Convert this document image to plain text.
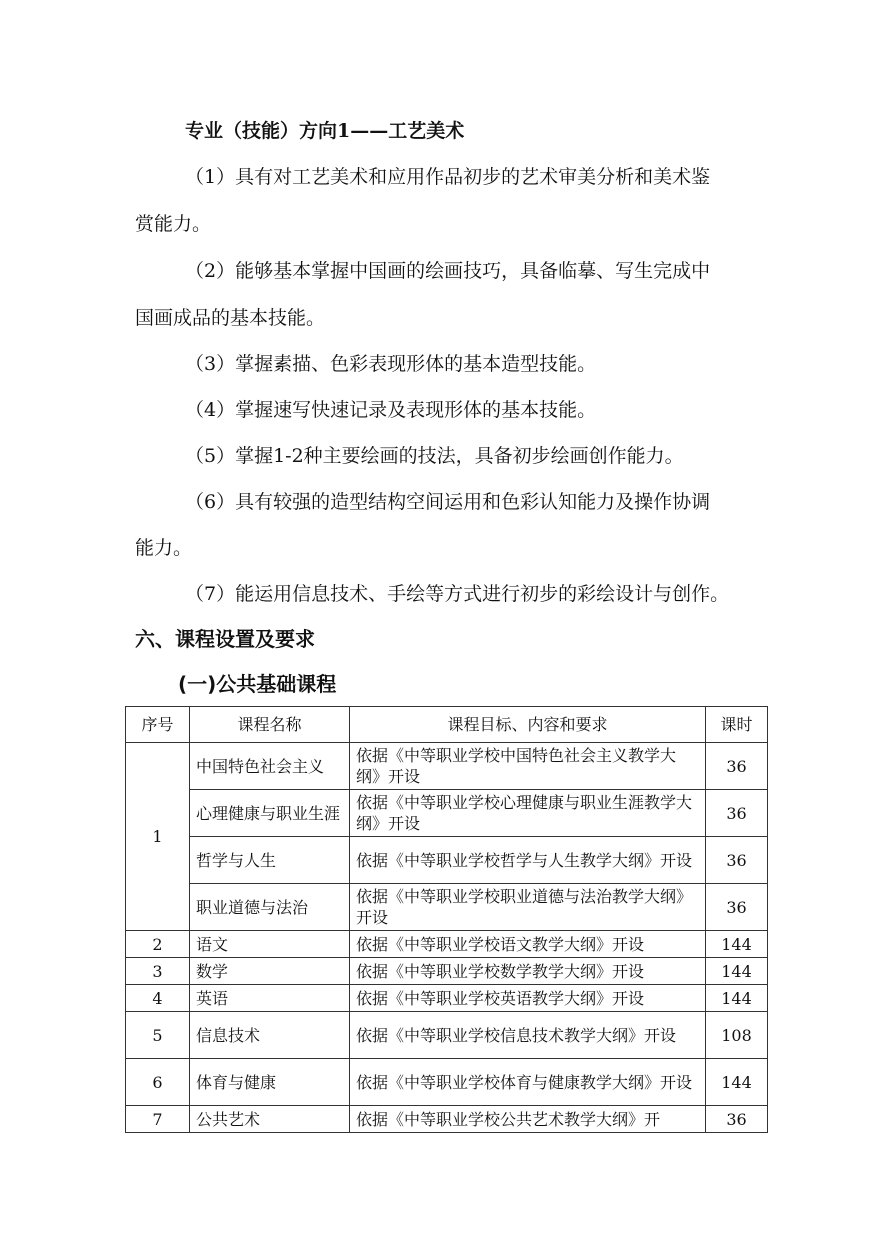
专业（技能）方向1——工艺美术
（1）具有对工艺美术和应用作品初步的艺术审美分析和美术鉴
赏能力。
（2）能够基本掌握中国画的绘画技巧，具备临摹、写生完成中
国画成品的基本技能。
（3）掌握素描、色彩表现形体的基本造型技能。
（4）掌握速写快速记录及表现形体的基本技能。
（5）掌握1-2种主要绘画的技法，具备初步绘画创作能力。
（6）具有较强的造型结构空间运用和色彩认知能力及操作协调
能力。
（7）能运用信息技术、手绘等方式进行初步的彩绘设计与创作。
六、课程设置及要求
(一)公共基础课程
序号	课程名称	课程目标、内容和要求	课时
1	中国特色社会主义	依据《中等职业学校中国特色社会主义教学大纲》开设	36
	心理健康与职业生涯	依据《中等职业学校心理健康与职业生涯教学大纲》开设	36
	哲学与人生	依据《中等职业学校哲学与人生教学大纲》开设	36
	职业道德与法治	依据《中等职业学校职业道德与法治教学大纲》开设	36
2	语文	依据《中等职业学校语文教学大纲》开设	144
3	数学	依据《中等职业学校数学教学大纲》开设	144
4	英语	依据《中等职业学校英语教学大纲》开设	144
5	信息技术	依据《中等职业学校信息技术教学大纲》开设	108
6	体育与健康	依据《中等职业学校体育与健康教学大纲》开设	144
7	公共艺术	依据《中等职业学校公共艺术教学大纲》开	36
